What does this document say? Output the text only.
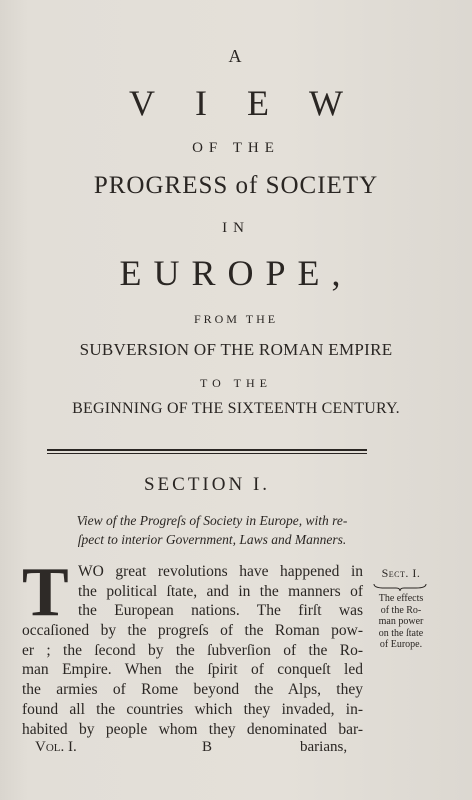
A
VIEW
OF THE
PROGRESS of SOCIETY
IN
EUROPE,
FROM THE
SUBVERSION OF THE ROMAN EMPIRE
TO THE
BEGINNING OF THE SIXTEENTH CENTURY.
SECTION I.
View of the Progreſs of Society in Europe, with re-
ſpect to interior Government, Laws and Manners.
T WO great revolutions have happened in
the political ſtate, and in the manners of
the European nations. The firſt was
occaſioned by the progreſs of the Roman pow-
er ; the ſecond by the ſubverſion of the Ro-
man Empire. When the ſpirit of conqueſt led
the armies of Rome beyond the Alps, they
found all the countries which they invaded, in-
habited by people whom they denominated bar-
Vol. I.	B	barians,
Sect. I.
The effects
of the Ro-
man power
on the ſtate
of Europe.
